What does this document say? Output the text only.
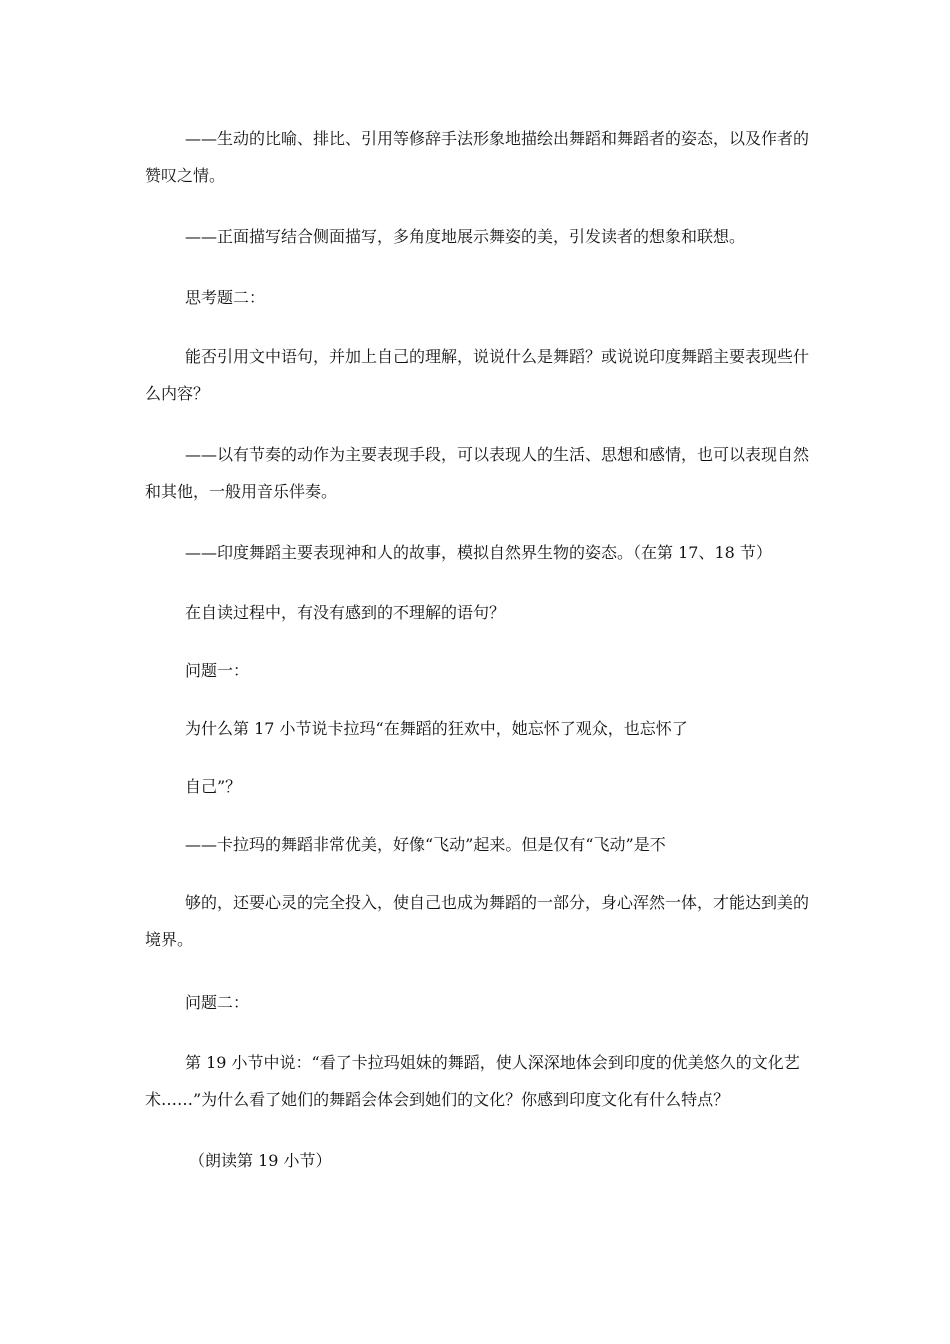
——生动的比喻、排比、引用等修辞手法形象地描绘出舞蹈和舞蹈者的姿态，以及作者的赞叹之情。

——正面描写结合侧面描写，多角度地展示舞姿的美，引发读者的想象和联想。

思考题二：

能否引用文中语句，并加上自己的理解，说说什么是舞蹈？或说说印度舞蹈主要表现些什么内容？

——以有节奏的动作为主要表现手段，可以表现人的生活、思想和感情，也可以表现自然和其他，一般用音乐伴奏。

——印度舞蹈主要表现神和人的故事，模拟自然界生物的姿态。（在第 17、18 节）

在自读过程中，有没有感到的不理解的语句？

问题一：

为什么第 17 小节说卡拉玛“在舞蹈的狂欢中，她忘怀了观众，也忘怀了

自己”？

——卡拉玛的舞蹈非常优美，好像“飞动”起来。但是仅有“飞动”是不

够的，还要心灵的完全投入，使自己也成为舞蹈的一部分，身心浑然一体，才能达到美的境界。

问题二：

第 19 小节中说：“看了卡拉玛姐妹的舞蹈，使人深深地体会到印度的优美悠久的文化艺术……”为什么看了她们的舞蹈会体会到她们的文化？你感到印度文化有什么特点？

（朗读第 19 小节）
